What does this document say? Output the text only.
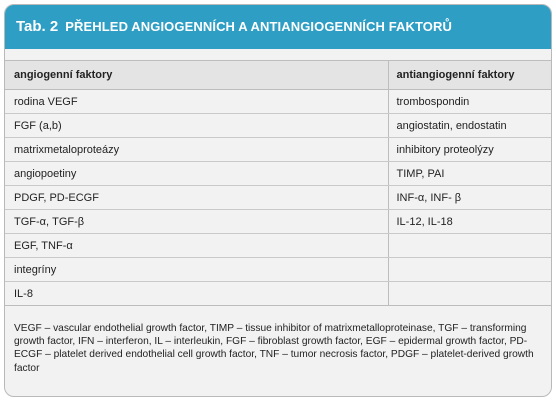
Tab. 2 PŘEHLED ANGIOGENNÍCH A ANTIANGIOGENNÍCH FAKTORŮ
angiogenní faktory	antiangiogenní faktory
rodina VEGF	trombospondin
FGF (a,b)	angiostatin, endostatin
matrixmetaloproteázy	inhibitory proteolýzy
angiopoetiny	TIMP, PAI
PDGF, PD-ECGF	INF-α, INF- β
TGF-α, TGF-β	IL-12, IL-18
EGF, TNF-α	
integríny	
IL-8	
VEGF – vascular endothelial growth factor, TIMP – tissue inhibitor of matrixmetalloproteinase, TGF – transforming growth factor, IFN – interferon, IL – interleukin, FGF – fibroblast growth factor, EGF – epidermal growth factor, PD-ECGF – platelet derived endothelial cell growth factor, TNF – tumor necrosis factor, PDGF – platelet-derived growth factor
